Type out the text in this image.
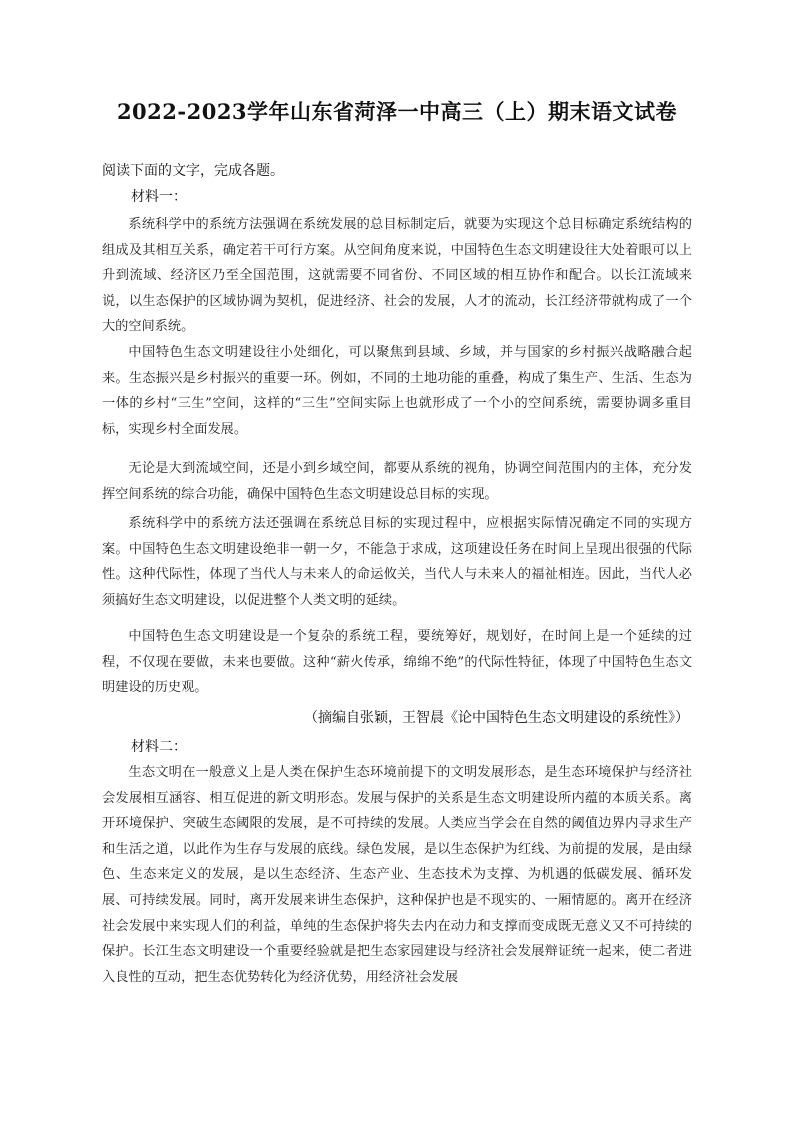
2022-2023学年山东省菏泽一中高三（上）期末语文试卷
阅读下面的文字，完成各题。
材料一：
系统科学中的系统方法强调在系统发展的总目标制定后，就要为实现这个总目标确定系统结构的组成及其相互关系，确定若干可行方案。从空间角度来说，中国特色生态文明建设往大处着眼可以上升到流域、经济区乃至全国范围，这就需要不同省份、不同区域的相互协作和配合。以长江流域来说，以生态保护的区域协调为契机，促进经济、社会的发展，人才的流动，长江经济带就构成了一个大的空间系统。
中国特色生态文明建设往小处细化，可以聚焦到县域、乡域，并与国家的乡村振兴战略融合起来。生态振兴是乡村振兴的重要一环。例如，不同的土地功能的重叠，构成了集生产、生活、生态为一体的乡村“三生”空间，这样的“三生”空间实际上也就形成了一个小的空间系统，需要协调多重目标，实现乡村全面发展。
无论是大到流域空间，还是小到乡域空间，都要从系统的视角，协调空间范围内的主体，充分发挥空间系统的综合功能，确保中国特色生态文明建设总目标的实现。
系统科学中的系统方法还强调在系统总目标的实现过程中，应根据实际情况确定不同的实现方案。中国特色生态文明建设绝非一朝一夕，不能急于求成，这项建设任务在时间上呈现出很强的代际性。这种代际性，体现了当代人与未来人的命运攸关，当代人与未来人的福祉相连。因此，当代人必须搞好生态文明建设，以促进整个人类文明的延续。
中国特色生态文明建设是一个复杂的系统工程，要统筹好，规划好，在时间上是一个延续的过程，不仅现在要做，未来也要做。这种“薪火传承，绵绵不绝”的代际性特征，体现了中国特色生态文明建设的历史观。
（摘编自张颖，王智晨《论中国特色生态文明建设的系统性》）
材料二：
生态文明在一般意义上是人类在保护生态环境前提下的文明发展形态，是生态环境保护与经济社会发展相互涵容、相互促进的新文明形态。发展与保护的关系是生态文明建设所内蕴的本质关系。离开环境保护、突破生态阈限的发展，是不可持续的发展。人类应当学会在自然的阈值边界内寻求生产和生活之道，以此作为生存与发展的底线。绿色发展，是以生态保护为红线、为前提的发展，是由绿色、生态来定义的发展，是以生态经济、生态产业、生态技术为支撑、为机遇的低碳发展、循环发展、可持续发展。同时，离开发展来讲生态保护，这种保护也是不现实的、一厢情愿的。离开在经济社会发展中来实现人们的利益，单纯的生态保护将失去内在动力和支撑而变成既无意义又不可持续的保护。长江生态文明建设一个重要经验就是把生态家园建设与经济社会发展辩证统一起来，使二者进入良性的互动，把生态优势转化为经济优势，用经济社会发展
